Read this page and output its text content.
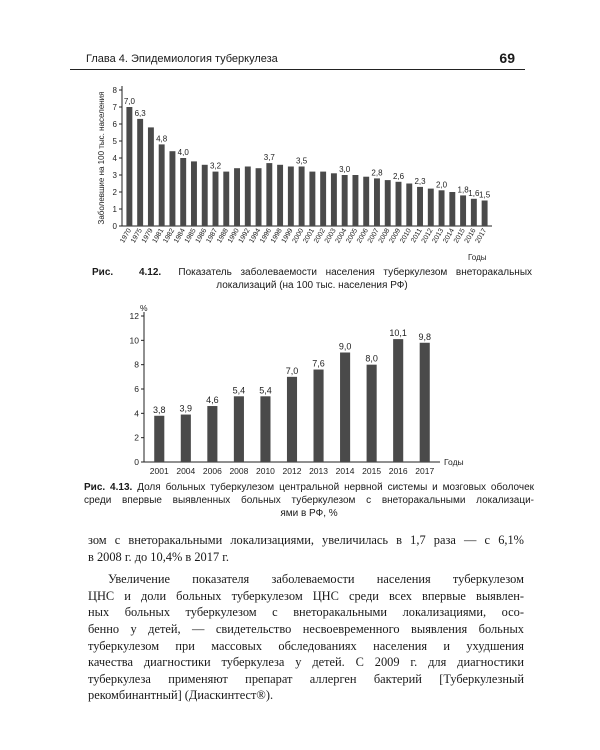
Глава 4. Эпидемиология туберкулеза	69
0
1
2
3
4
5
6
7
8
7,0
1970
6,3
1975
1979
4,8
1981
1982
4,0
1984
1985
1986
3,2
1987
1988
1990
1992
1994
3,7
1996
1998
1999
3,5
2000
2001
2002
2003
3,0
2004
2005
2006
2,8
2007
2008
2,6
2009
2010
2,3
2011
2012
2,0
2013
2014
1,8
2015
1,6
2016
1,5
2017
Годы
Заболевшие на 100 тыс. населения
Рис.	4.12. Показатель заболеваемости населения туберкулезом внеторакальных
локализаций (на 100 тыс. населения РФ)
0
2
4
6
8
10
12
3,8
2001
3,9
2004
4,6
2006
5,4
2008
5,4
2010
7,0
2012
7,6
2013
9,0
2014
8,0
2015
10,1
2016
9,8
2017
Годы
%
Рис. 4.13. Доля больных туберкулезом центральной нервной системы и мозговых оболочек
среди впервые выявленных больных туберкулезом с внеторакальными локализаци-
ями в РФ, %
зом с внеторакальными локализациями, увеличилась в 1,7 раза — с 6,1%
в 2008 г. до 10,4% в 2017 г.
Увеличение показателя заболеваемости населения туберкулезом
ЦНС и доли больных туберкулезом ЦНС среди всех впервые выявлен-
ных больных туберкулезом с внеторакальными локализациями, осо-
бенно у детей, — свидетельство несвоевременного выявления больных
туберкулезом при массовых обследованиях населения и ухудшения
качества диагностики туберкулеза у детей. С 2009 г. для диагностики
туберкулеза применяют препарат аллерген бактерий [Туберкулезный
рекомбинантный] (Диаскинтест®).
